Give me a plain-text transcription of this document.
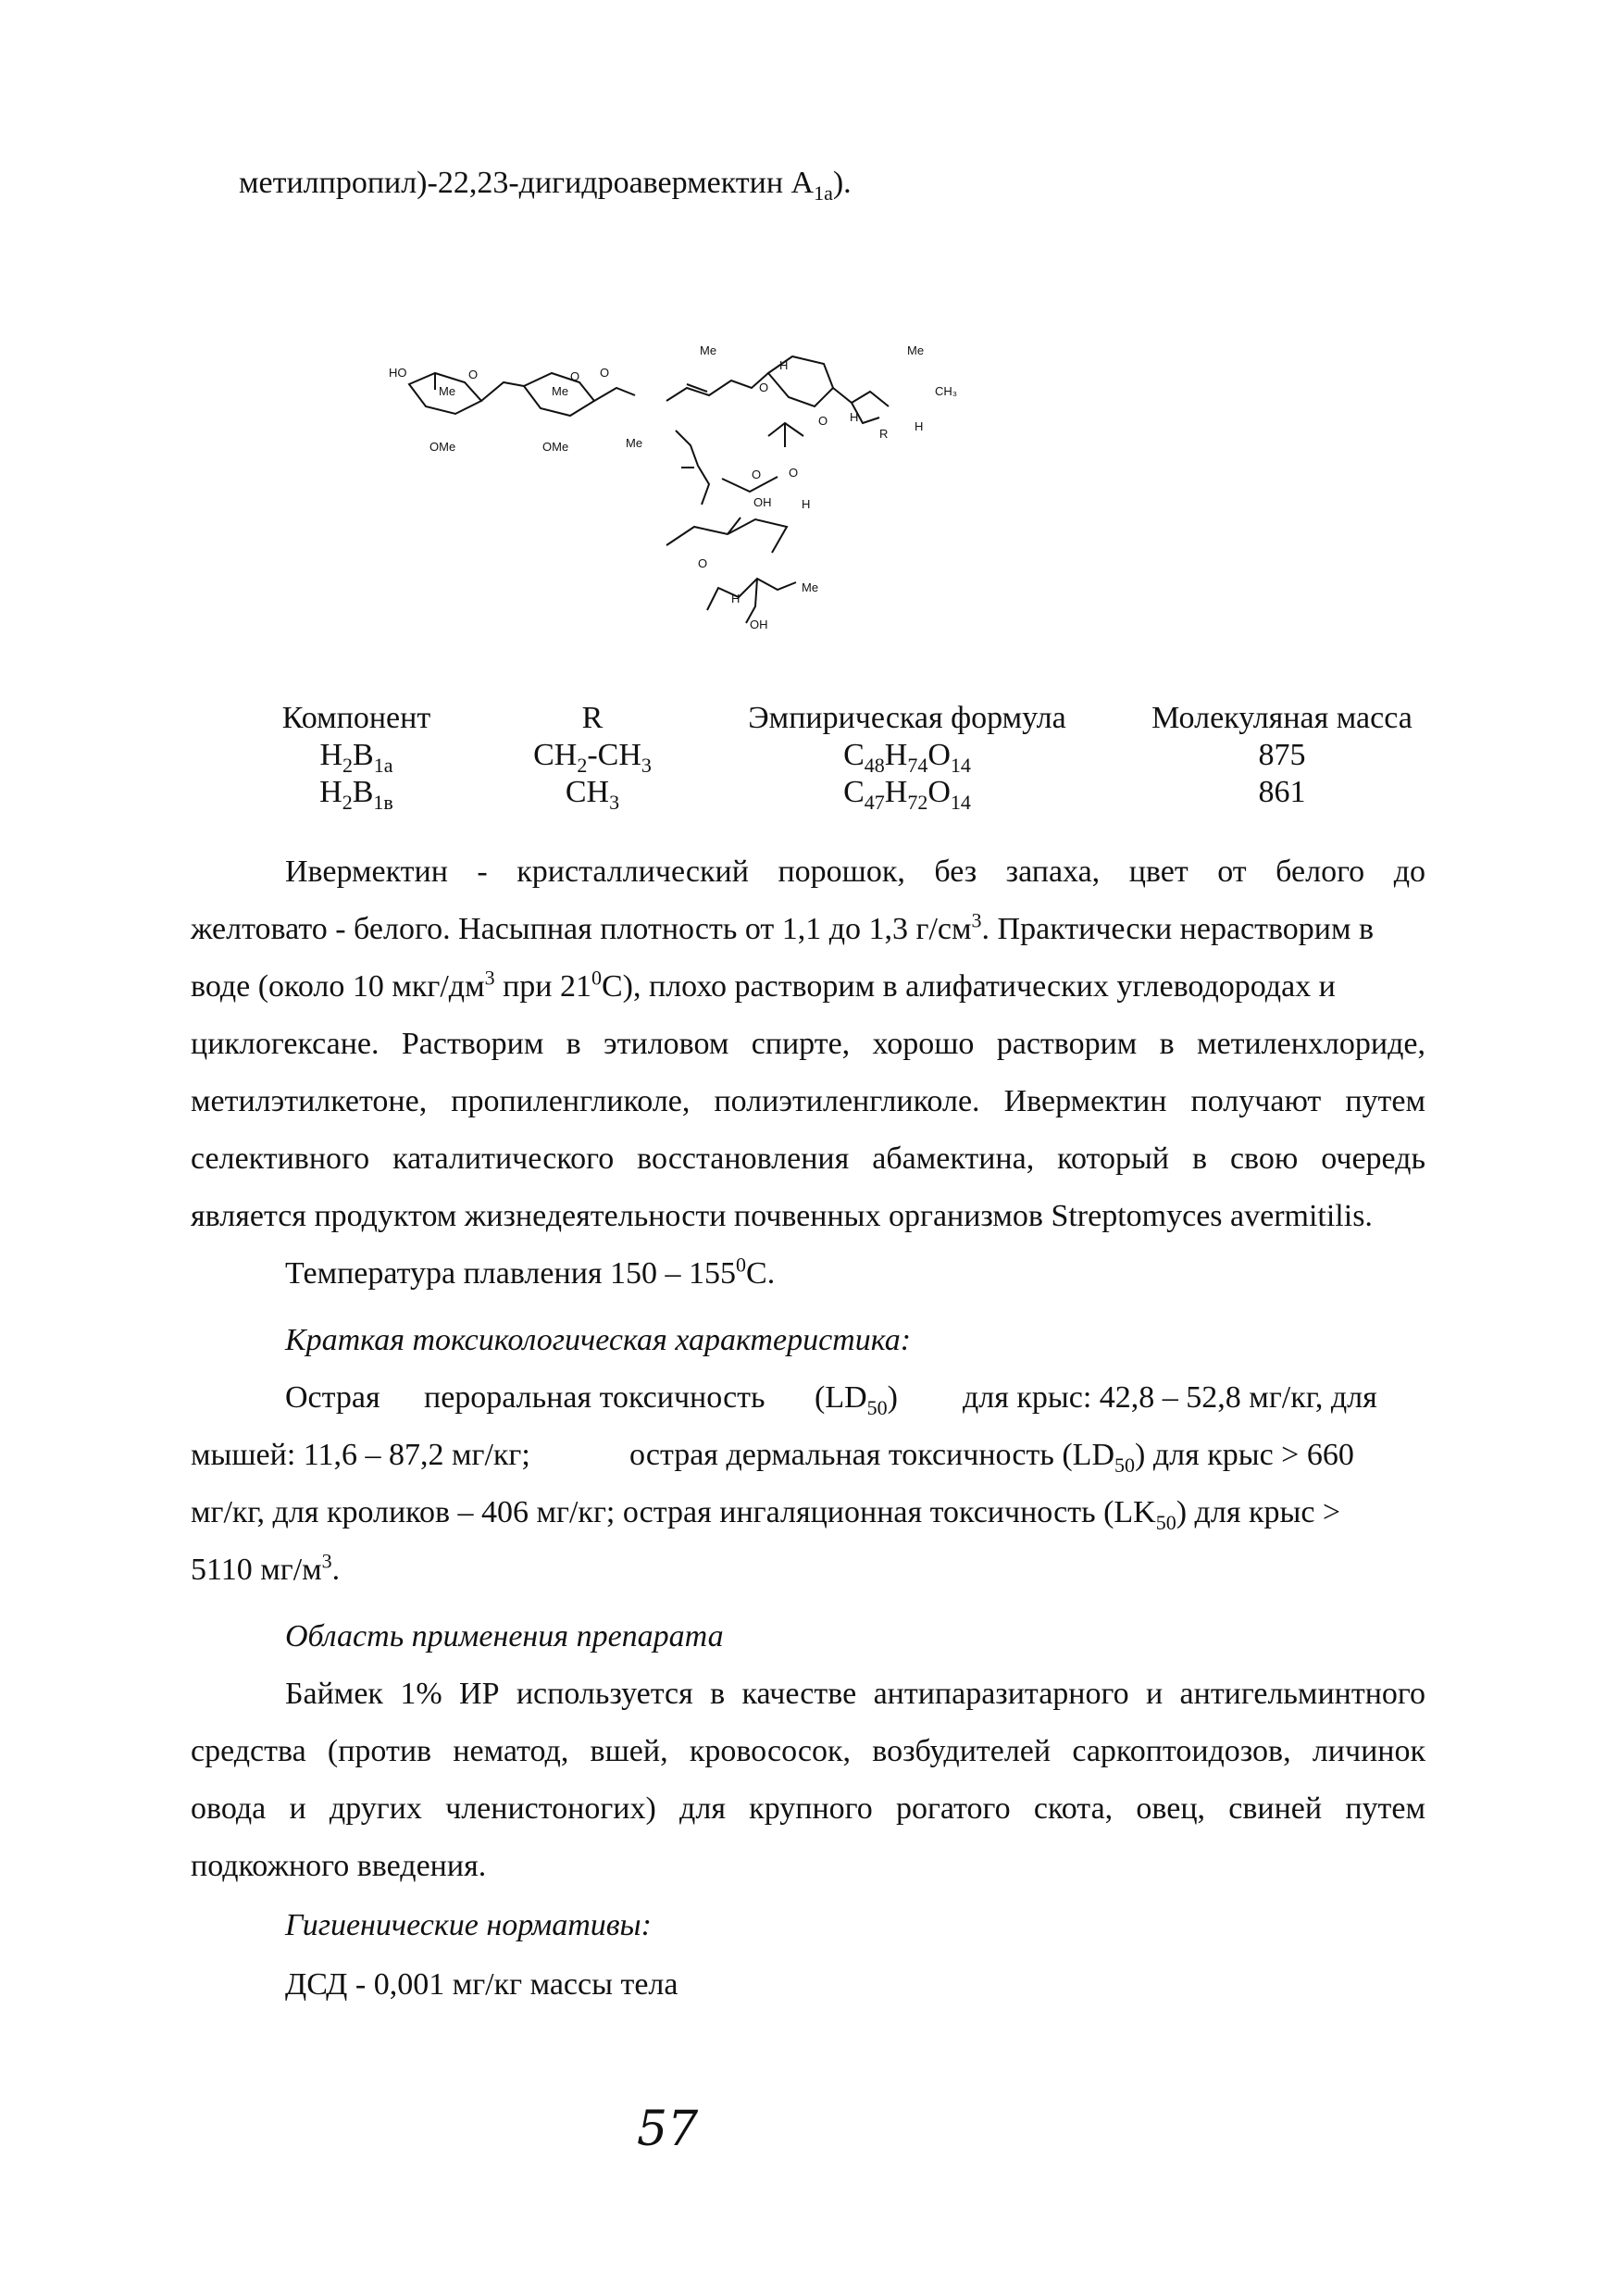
метилпропил)-22,23-дигидроавермектин $A_{1a}$).
HO
Me
O
Me
O O
OMe	OMe	Me
Me
H
O
Me
CH₃
O H
R
H
O O
OH	H
O
H
Me
OH
Компонент	R	Эмпирическая формула	Молекуляная масса
$H_2B_{1a}$	$CH_2-CH_3$	$C_{48}H_{74}O_{14}$	875
$H_2B_{1в}$	$CH_3$	$C_{47}H_{72}O_{14}$	861
Ивермектин - кристаллический порошок, без запаха, цвет от белого до
желтовато - белого. Насыпная плотность от 1,1 до 1,3 $г/см^3$. Практически нерастворим в
воде (около 10 мкг/$дм^3$ при $21^0С$), плохо растворим в алифатических углеводородах и
циклогексане. Растворим в этиловом спирте, хорошо растворим в метиленхлориде,
метилэтилкетоне, пропиленгликоле, полиэтиленгликоле. Ивермектин получают путем
селективного каталитического восстановления абамектина, который в свою очередь
является продуктом жизнедеятельности почвенных организмов Streptomyces avermitilis.
Температура плавления $150 - 155^0С$.
Краткая токсикологическая характеристика:
Острая пероральная токсичность $(LD_{50})$ для крыс: 42,8 – 52,8 мг/кг, для
мышей: 11,6 – 87,2 мг/кг;	острая дермальная токсичность $(LD_{50})$ для крыс > 660
мг/кг, для кроликов – 406 мг/кг; острая ингаляционная токсичность $(LK_{50})$ для крыс >
5110 $мг/м^3$.
Область применения препарата
Баймек 1% ИР используется в качестве антипаразитарного и антигельминтного
средства (против нематод, вшей, кровососок, возбудителей саркоптоидозов, личинок
овода и других членистоногих) для крупного рогатого скота, овец, свиней путем
подкожного введения.
Гигиенические нормативы:
ДСД - 0,001 мг/кг массы тела
57
